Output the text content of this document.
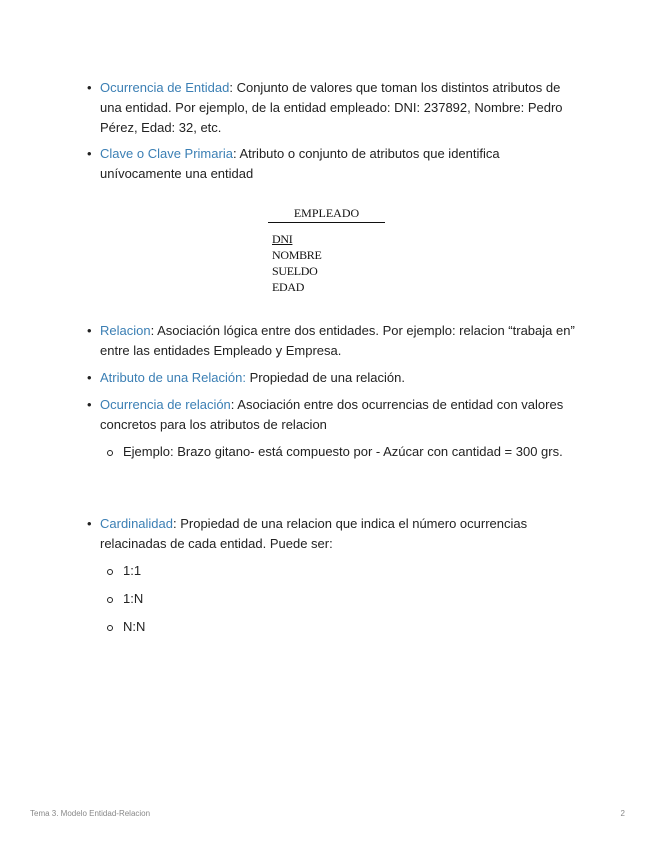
• Ocurrencia de Entidad: Conjunto de valores que toman los distintos atributos de una entidad. Por ejemplo, de la entidad empleado: DNI: 237892, Nombre: Pedro Pérez, Edad: 32, etc.
• Clave o Clave Primaria: Atributo o conjunto de atributos que identifica unívocamente una entidad
EMPLEADO
DNI
NOMBRE
SUELDO
EDAD
• Relacion: Asociación lógica entre dos entidades. Por ejemplo: relacion “trabaja en” entre las entidades Empleado y Empresa.
• Atributo de una Relación: Propiedad de una relación.
• Ocurrencia de relación: Asociación entre dos ocurrencias de entidad con valores concretos para los atributos de relacion
Ejemplo: Brazo gitano- está compuesto por - Azúcar con cantidad = 300 grs.
• Cardinalidad: Propiedad de una relacion que indica el número ocurrencias relacinadas de cada entidad. Puede ser:
1:1
1:N
N:N
Tema 3. Modelo Entidad-Relacion	2
